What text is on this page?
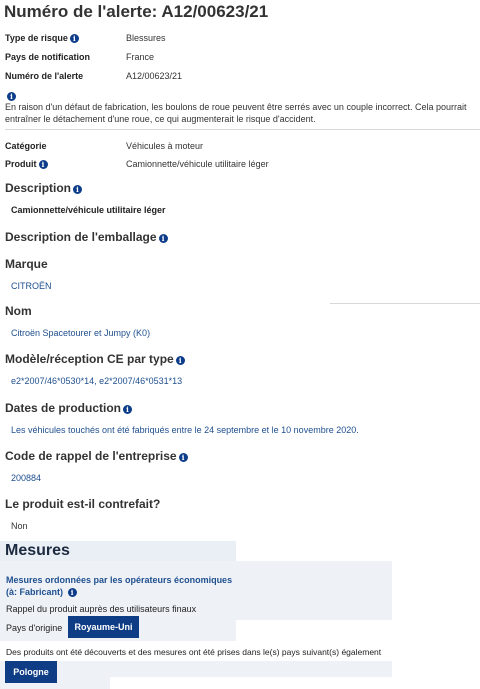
Numéro de l'alerte: A12/00623/21
Type de risque i	Blessures
Pays de notification	France
Numéro de l'alerte	A12/00623/21
i
En raison d'un défaut de fabrication, les boulons de roue peuvent être serrés avec un couple incorrect. Cela pourrait entraîner le détachement d'une roue, ce qui augmenterait le risque d'accident.
Catégorie	Véhicules à moteur
Produit i	Camionnette/véhicule utilitaire léger
Description i
Camionnette/véhicule utilitaire léger
Description de l'emballage i
Marque
CITROËN
Nom
Citroën Spacetourer et Jumpy (K0)
Modèle/réception CE par type i
e2*2007/46*0530*14, e2*2007/46*0531*13
Dates de production i
Les véhicules touchés ont été fabriqués entre le 24 septembre et le 10 novembre 2020.
Code de rappel de l'entreprise i
200884
Le produit est-il contrefait?
Non
Mesures
Mesures ordonnées par les opérateurs économiques
(à: Fabricant) i
Rappel du produit auprès des utilisateurs finaux
Pays d'origine	Royaume-Uni
Des produits ont été découverts et des mesures ont été prises dans le(s) pays suivant(s) également
Pologne
